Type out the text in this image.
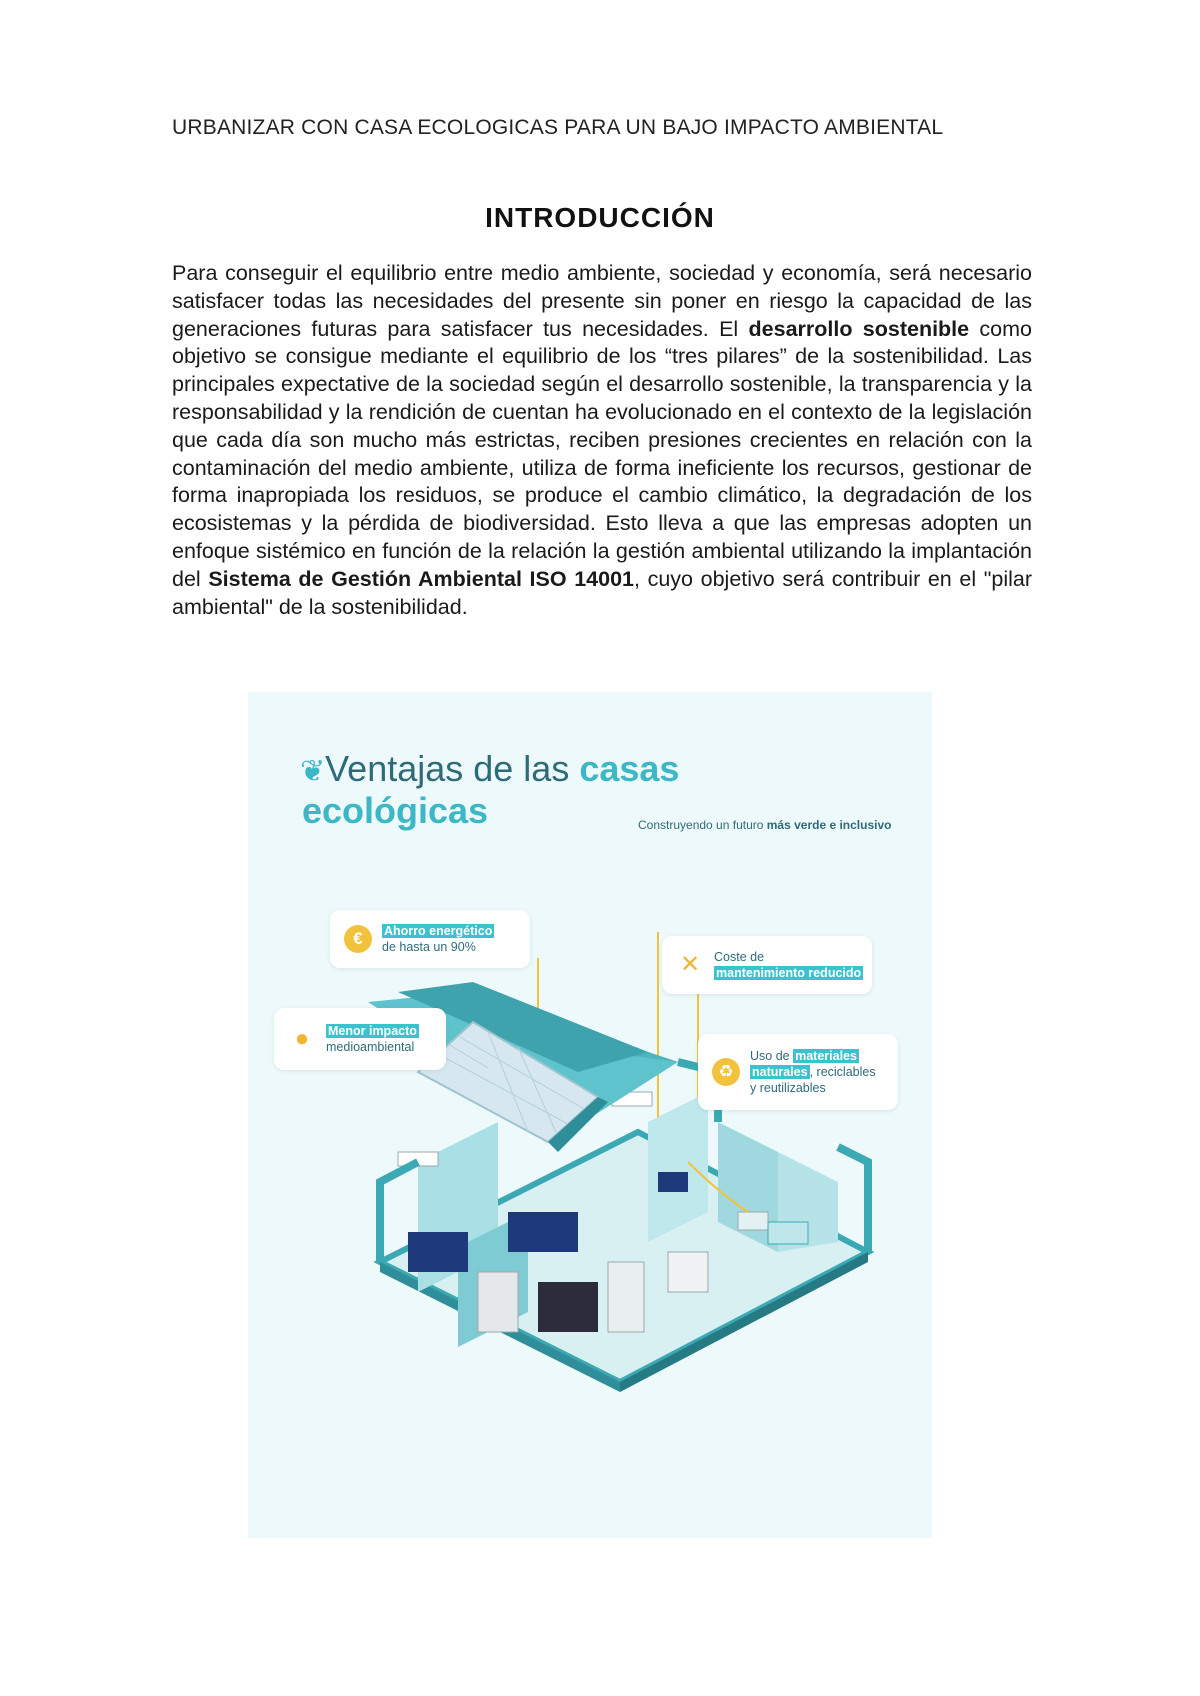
URBANIZAR CON CASA ECOLOGICAS PARA UN BAJO IMPACTO AMBIENTAL
INTRODUCCIÓN
Para conseguir el equilibrio entre medio ambiente, sociedad y economía, será necesario satisfacer todas las necesidades del presente sin poner en riesgo la capacidad de las generaciones futuras para satisfacer tus necesidades. El desarrollo sostenible como objetivo se consigue mediante el equilibrio de los “tres pilares” de la sostenibilidad. Las principales expectative de la sociedad según el desarrollo sostenible, la transparencia y la responsabilidad y la rendición de cuentan ha evolucionado en el contexto de la legislación que cada día son mucho más estrictas, reciben presiones crecientes en relación con la contaminación del medio ambiente, utiliza de forma ineficiente los recursos, gestionar de forma inapropiada los residuos, se produce el cambio climático, la degradación de los ecosistemas y la pérdida de biodiversidad. Esto lleva a que las empresas adopten un enfoque sistémico en función de la relación la gestión ambiental utilizando la implantación del Sistema de Gestión Ambiental ISO 14001, cuyo objetivo será contribuir en el "pilar ambiental" de la sostenibilidad.
❦Ventajas de las casas
ecológicas	Construyendo un futuro más verde e inclusivo
€	Ahorro energético
de hasta un 90%
✕	Coste de
mantenimiento reducido
●	Menor impacto
medioambiental
♻
Uso de materiales
naturales , reciclables
y reutilizables
